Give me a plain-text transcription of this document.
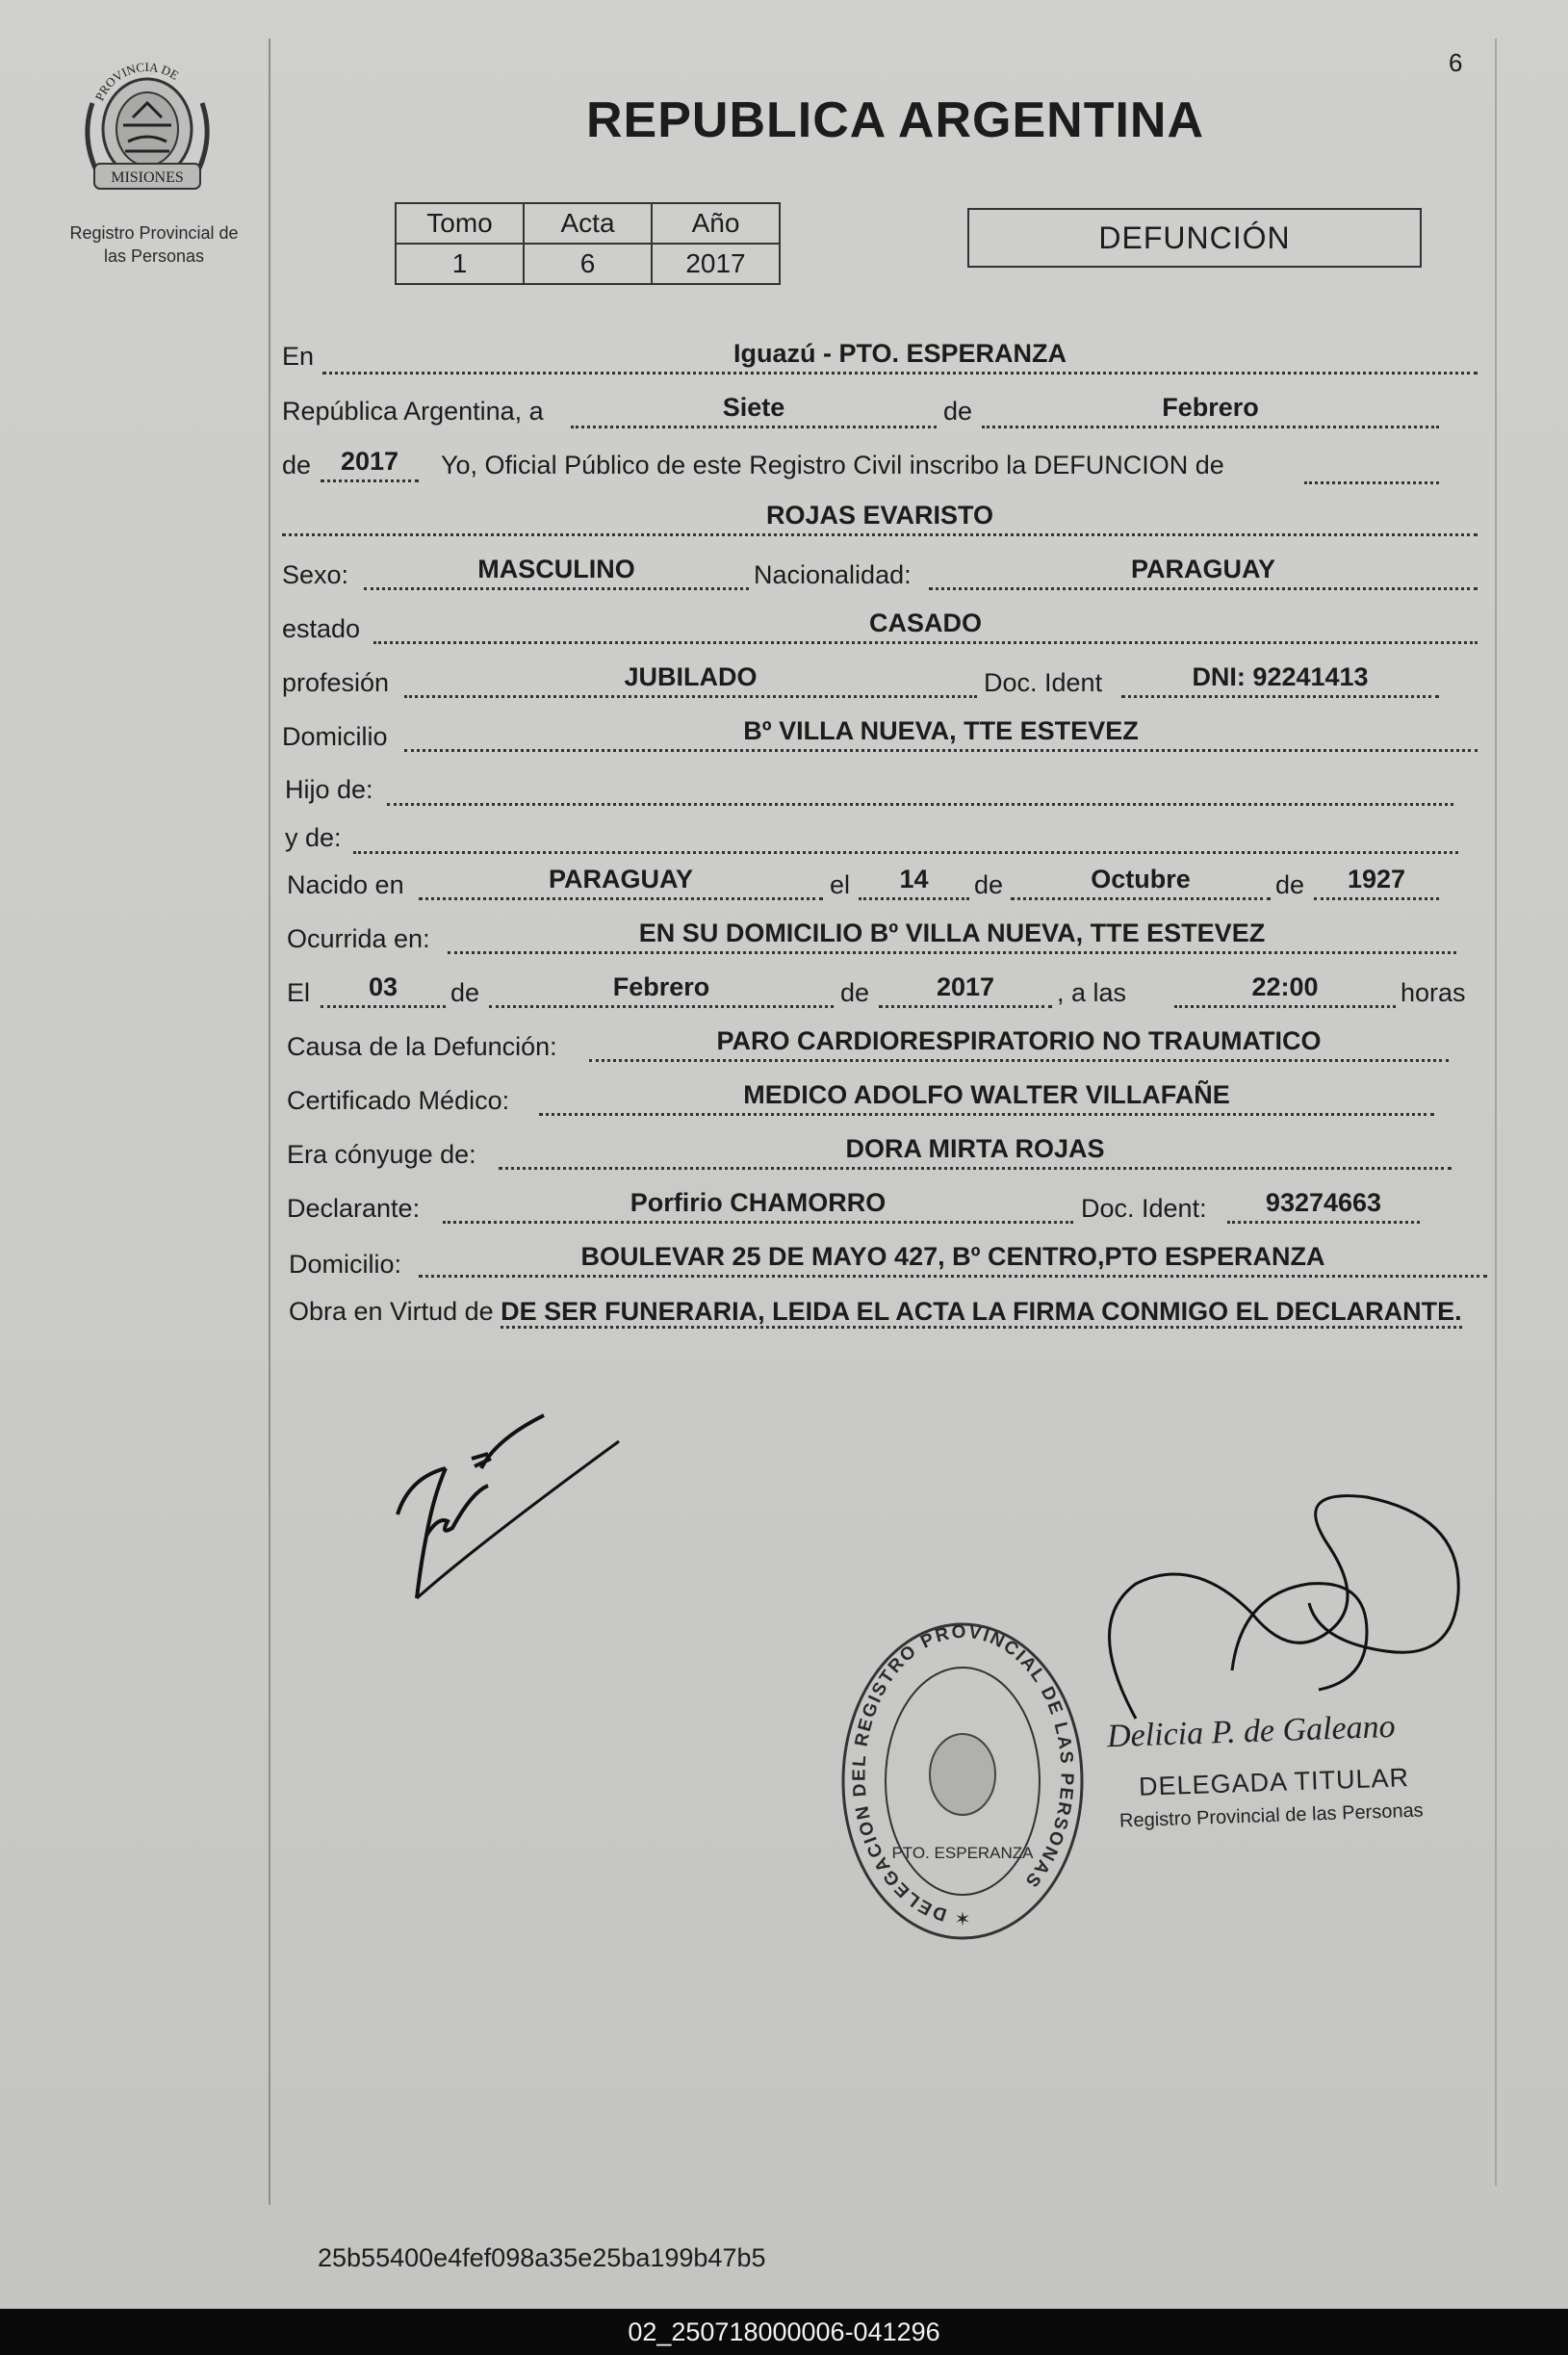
PROVINCIA DE
MISIONES
Registro Provincial de
las Personas
6
REPUBLICA ARGENTINA
Tomo	Acta	Año
1	6	2017
DEFUNCIÓN
En	Iguazú - PTO. ESPERANZA
República Argentina, a	Siete	de	Febrero
de	2017	Yo, Oficial Público de este Registro Civil inscribo la DEFUNCION de
ROJAS EVARISTO
Sexo:	MASCULINO	Nacionalidad:	PARAGUAY
estado	CASADO
profesión	JUBILADO	Doc. Ident	DNI: 92241413
Domicilio	Bº VILLA NUEVA, TTE ESTEVEZ
Hijo de:
y de:
Nacido en	PARAGUAY	el	14	de	Octubre	de	1927
Ocurrida en:	EN SU DOMICILIO Bº VILLA NUEVA, TTE ESTEVEZ
El	03	de	Febrero	de	2017	, a las	22:00	horas
Causa de la Defunción:	PARO CARDIORESPIRATORIO NO TRAUMATICO
Certificado Médico:	MEDICO ADOLFO WALTER VILLAFAÑE
Era cónyuge de:	DORA MIRTA ROJAS
Declarante:	Porfirio CHAMORRO	Doc. Ident:	93274663
Domicilio:	BOULEVAR 25 DE MAYO 427, Bº CENTRO,PTO ESPERANZA
Obra en Virtud de DE SER FUNERARIA, LEIDA EL ACTA LA FIRMA CONMIGO EL DECLARANTE.
DELEGACION DEL REGISTRO PROVINCIAL DE LAS PERSONAS
PTO. ESPERANZA
✶
Delicia P. de Galeano
DELEGADA TITULAR
Registro Provincial de las Personas
25b55400e4fef098a35e25ba199b47b5
02_250718000006-041296
